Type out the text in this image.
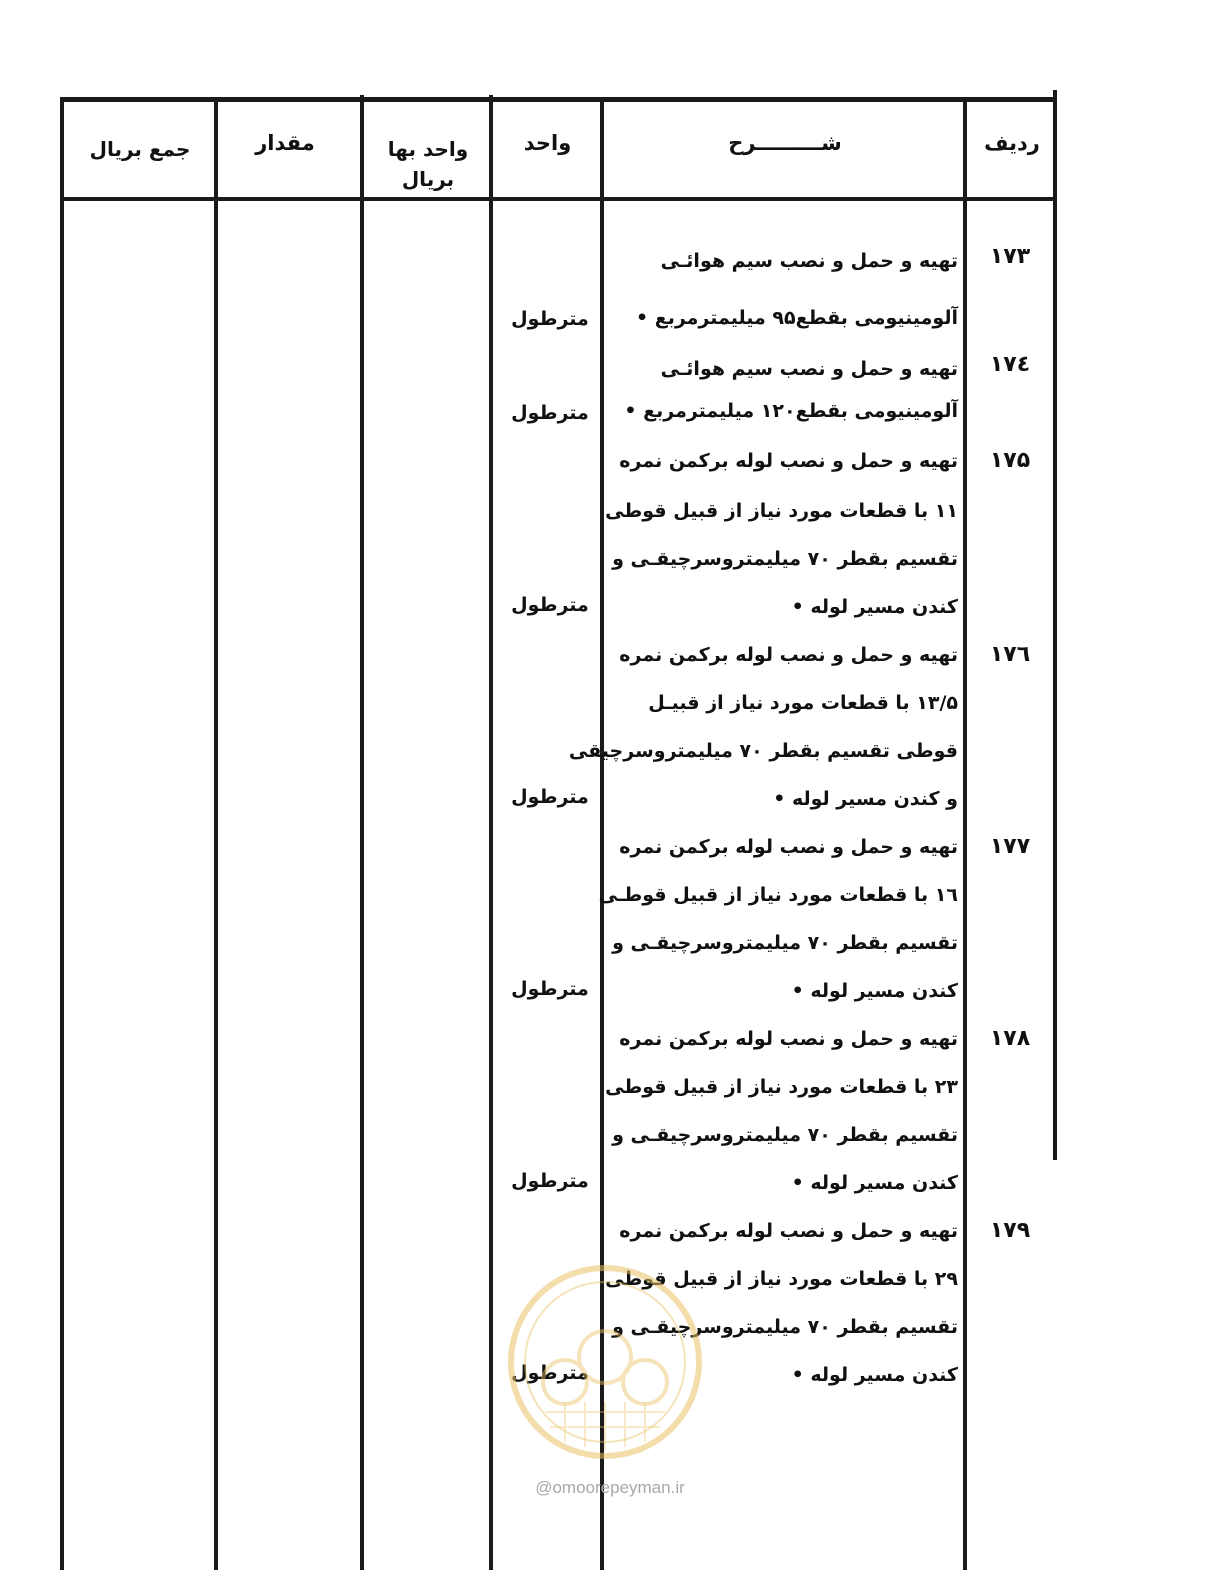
ردیف
شـــــــــرح
واحد
واحد بها بریال
مقدار
جمع بریال
۱۷۳
تهیه و حمل و نصب سیم هوائـی
آلومینیومی بقطع۹۵ میلیمترمربع •
مترطول
۱۷٤
تهیه و حمل و نصب سیم هوائـی
آلومینیومی بقطع۱۲۰ میلیمترمربع •
مترطول
۱۷۵
تهیه و حمل و نصب لوله برکمن نمره
۱۱ با قطعات مورد نیاز از قبیل قوطی
تقسیم بقطر ۷۰ میلیمتروسرچیقـی و
کندن مسیر لوله •
مترطول
۱۷٦
تهیه و حمل و نصب لوله برکمن نمره
۱۳/۵ با قطعات مورد نیاز از قبیـل
قوطی تقسیم بقطر ۷۰ میلیمتروسرچیقی
و کندن مسیر لوله •
مترطول
۱۷۷
تهیه و حمل و نصب لوله برکمن نمره
۱٦ با قطعات مورد نیاز از قبیل قوطـی
تقسیم بقطر ۷۰ میلیمتروسرچیقـی و
کندن مسیر لوله •
مترطول
۱۷۸
تهیه و حمل و نصب لوله برکمن نمره
۲۳ با قطعات مورد نیاز از قبیل قوطی
تقسیم بقطر ۷۰ میلیمتروسرچیقـی و
کندن مسیر لوله •
مترطول
۱۷۹
تهیه و حمل و نصب لوله برکمن نمره
۲۹ با قطعات مورد نیاز از قبیل قوطی
تقسیم بقطر ۷۰ میلیمتروسرچیقـی و
کندن مسیر لوله •
مترطول
@omoorepeyman.ir
